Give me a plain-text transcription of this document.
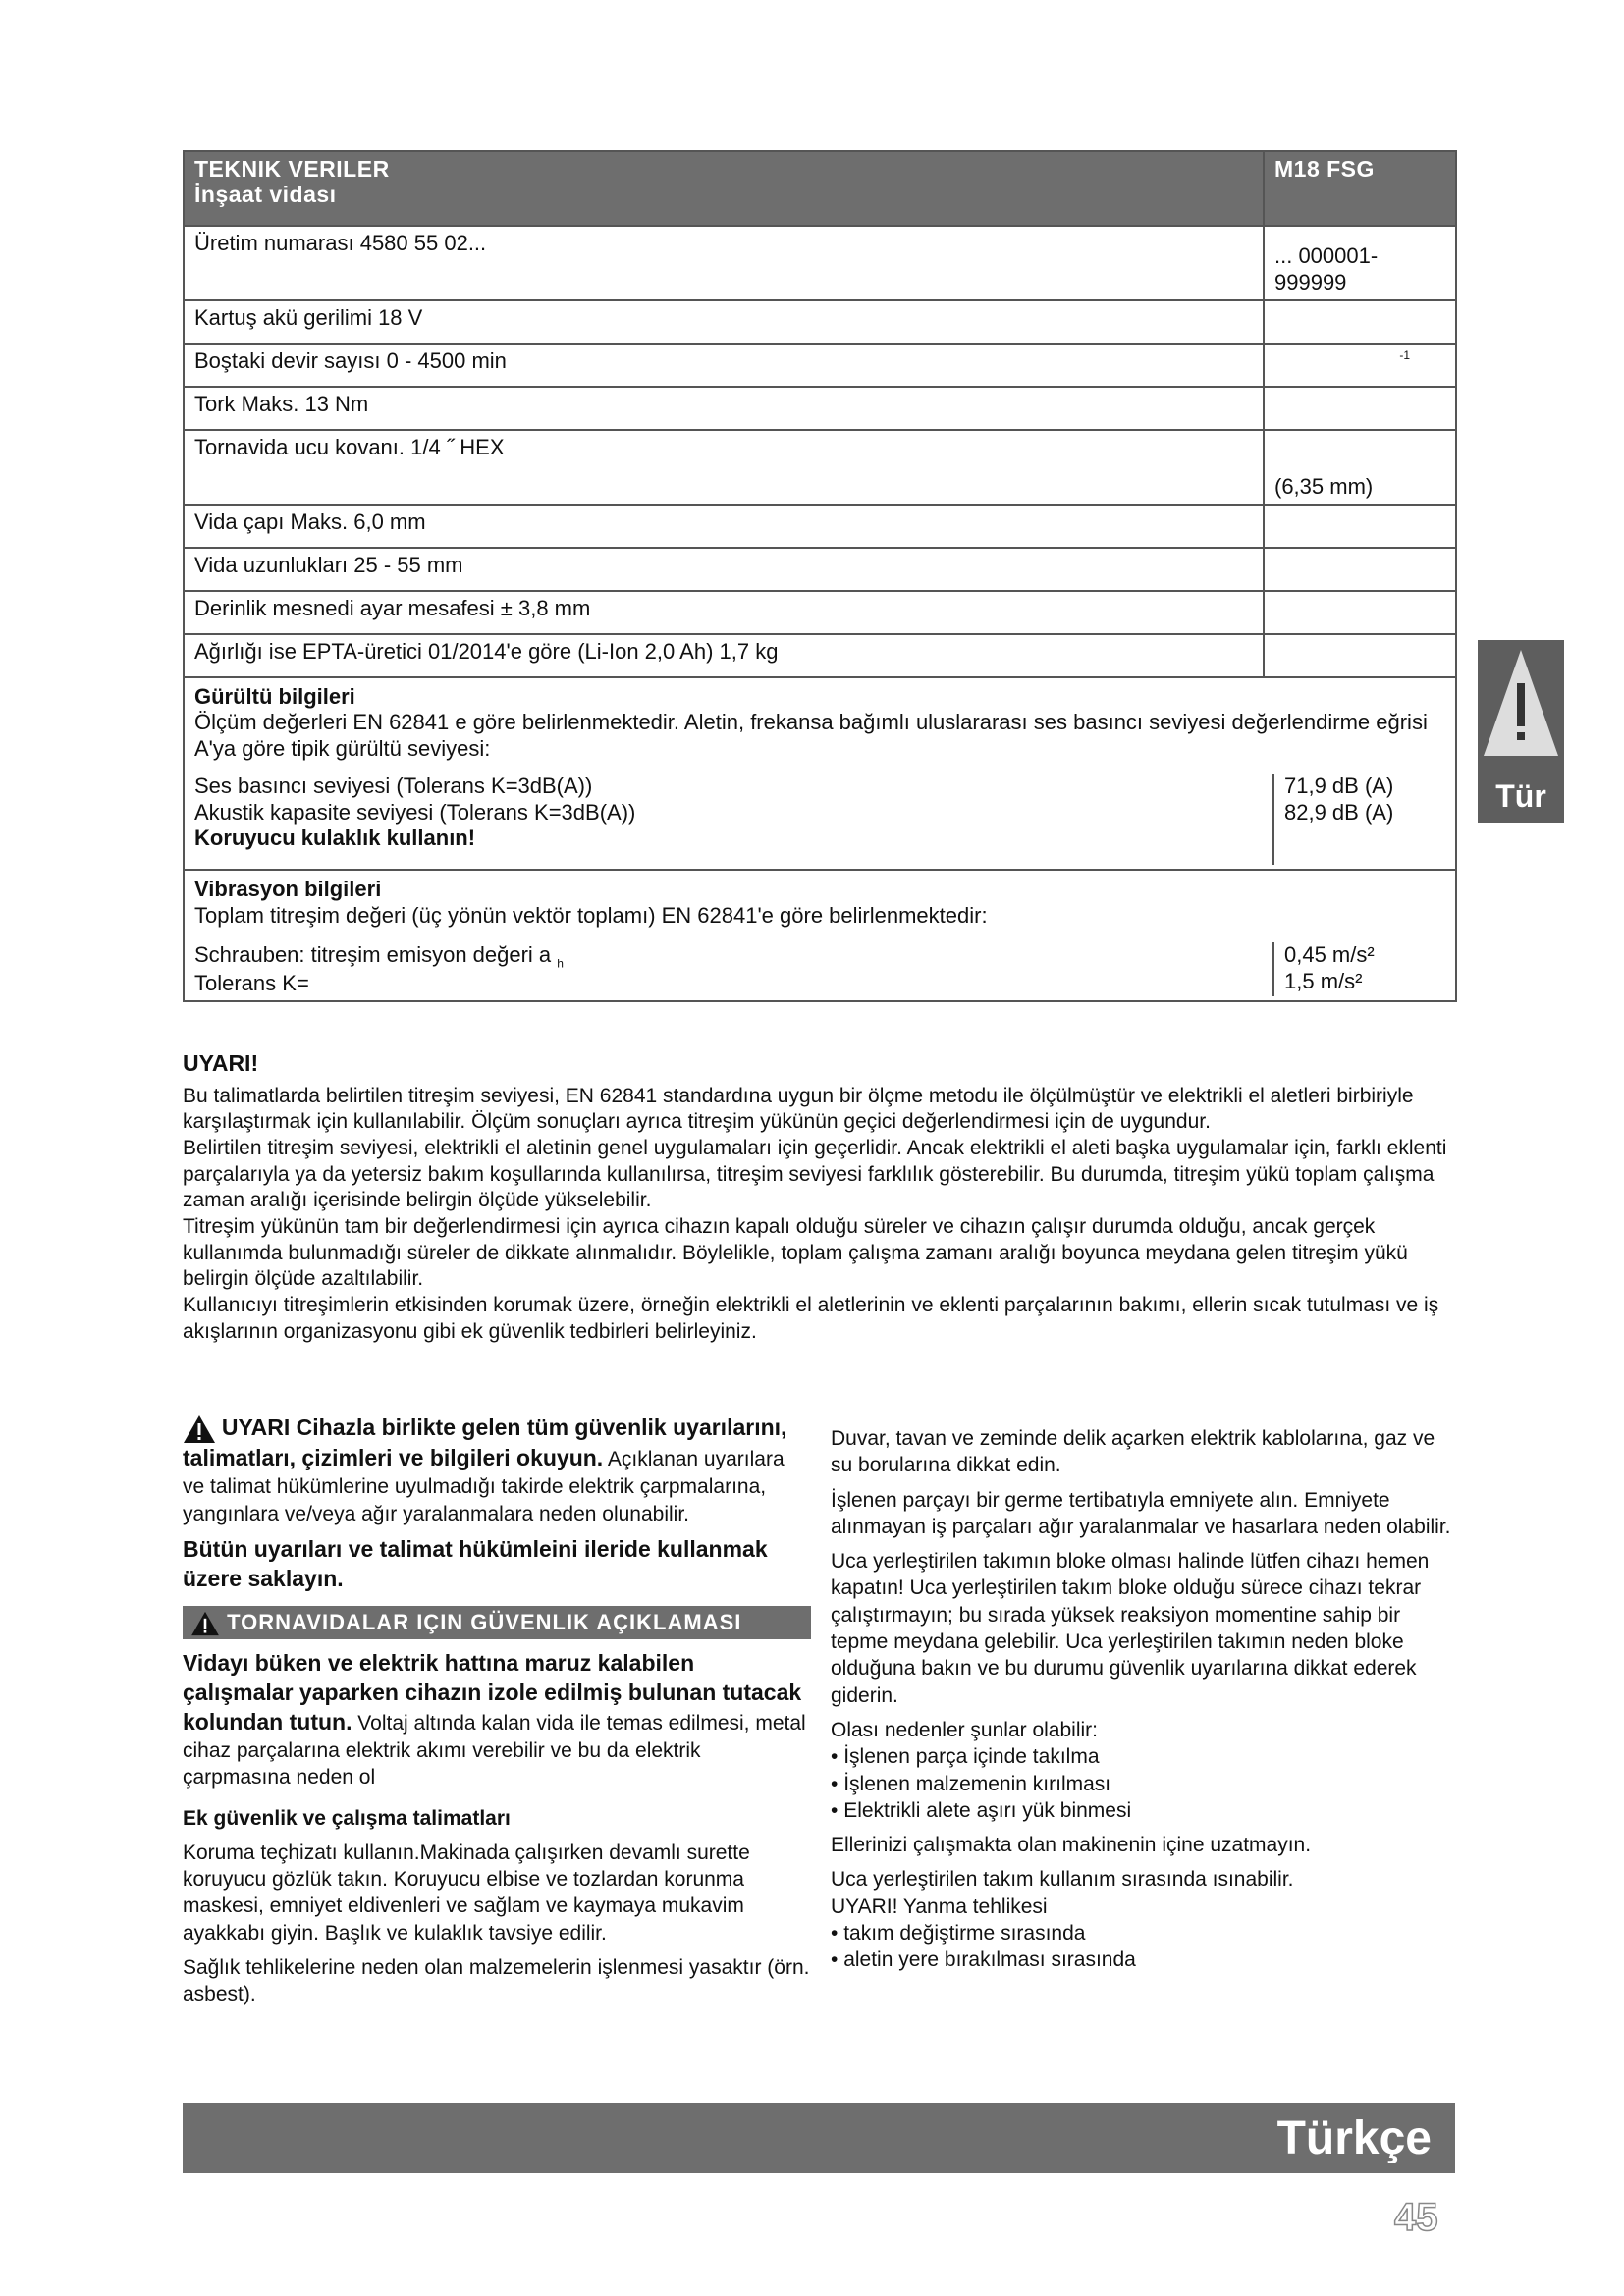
TEKNIK VERILER
İnşaat vidası
M18 FSG
Üretim numarası 4580 55 02...
... 000001-999999
Kartuş akü gerilimi 18 V
Boştaki devir sayısı 0 - 4500 min	-1
Tork Maks. 13 Nm
Tornavida ucu kovanı. 1/4 ˝ HEX
(6,35 mm)
Vida çapı Maks. 6,0 mm
Vida uzunlukları 25 - 55 mm
Derinlik mesnedi ayar mesafesi ± 3,8 mm
Ağırlığı ise EPTA-üretici 01/2014'e göre (Li-Ion 2,0 Ah) 1,7 kg
Gürültü bilgileri
Ölçüm değerleri EN 62841 e göre belirlenmektedir. Aletin, frekansa bağımlı uluslararası ses basıncı seviyesi değerlendirme eğrisi A'ya göre tipik gürültü seviyesi:
Ses basıncı seviyesi (Tolerans K=3dB(A))
Akustik kapasite seviyesi (Tolerans K=3dB(A))
Koruyucu kulaklık kullanın!
71,9 dB (A)
82,9 dB (A)
Vibrasyon bilgileri
Toplam titreşim değeri (üç yönün vektör toplamı) EN 62841'e göre belirlenmektedir:
Schrauben: titreşim emisyon değeri a $_h$
Tolerans K=
0,45 m/s²
1,5 m/s²
UYARI!
Bu talimatlarda belirtilen titreşim seviyesi, EN 62841 standardına uygun bir ölçme metodu ile ölçülmüştür ve elektrikli el aletleri birbiriyle karşılaştırmak için kullanılabilir. Ölçüm sonuçları ayrıca titreşim yükünün geçici değerlendirmesi için de uygundur.
Belirtilen titreşim seviyesi, elektrikli el aletinin genel uygulamaları için geçerlidir. Ancak elektrikli el aleti başka uygulamalar için, farklı eklenti parçalarıyla ya da yetersiz bakım koşullarında kullanılırsa, titreşim seviyesi farklılık gösterebilir. Bu durumda, titreşim yükü toplam çalışma zaman aralığı içerisinde belirgin ölçüde yükselebilir.
Titreşim yükünün tam bir değerlendirmesi için ayrıca cihazın kapalı olduğu süreler ve cihazın çalışır durumda olduğu, ancak gerçek kullanımda bulunmadığı süreler de dikkate alınmalıdır. Böylelikle, toplam çalışma zamanı aralığı boyunca meydana gelen titreşim yükü belirgin ölçüde azaltılabilir.
Kullanıcıyı titreşimlerin etkisinden korumak üzere, örneğin elektrikli el aletlerinin ve eklenti parçalarının bakımı, ellerin sıcak tutulması ve iş akışlarının organizasyonu gibi ek güvenlik tedbirleri belirleyiniz.

UYARI Cihazla birlikte gelen tüm güvenlik uyarılarını, talimatları, çizimleri ve bilgileri okuyun. Açıklanan uyarılara ve talimat hükümlerine uyulmadığı takirde elektrik çarpmalarına, yangınlara ve/veya ağır yaralanmalara neden olunabilir.

Bütün uyarıları ve talimat hükümleini ileride kullanmak üzere saklayın.

TORNAVIDALAR IÇIN GÜVENLIK AÇIKLAMASI

Vidayı büken ve elektrik hattına maruz kalabilen çalışmalar yaparken cihazın izole edilmiş bulunan tutacak kolundan tutun. Voltaj altında kalan vida ile temas edilmesi, metal cihaz parçalarına elektrik akımı verebilir ve bu da elektrik çarpmasına neden ol

Ek güvenlik ve çalışma talimatları

Koruma teçhizatı kullanın.Makinada çalışırken devamlı surette koruyucu gözlük takın. Koruyucu elbise ve tozlardan korunma maskesi, emniyet eldivenleri ve sağlam ve kaymaya mukavim ayakkabı giyin. Başlık ve kulaklık tavsiye edilir.

Sağlık tehlikelerine neden olan malzemelerin işlenmesi yasaktır (örn. asbest).

Duvar, tavan ve zeminde delik açarken elektrik kablolarına, gaz ve su borularına dikkat edin.

İşlenen parçayı bir germe tertibatıyla emniyete alın. Emniyete alınmayan iş parçaları ağır yaralanmalar ve hasarlara neden olabilir.

Uca yerleştirilen takımın bloke olması halinde lütfen cihazı hemen kapatın! Uca yerleştirilen takım bloke olduğu sürece cihazı tekrar çalıştırmayın; bu sırada yüksek reaksiyon momentine sahip bir tepme meydana gelebilir. Uca yerleştirilen takımın neden bloke olduğuna bakın ve bu durumu güvenlik uyarılarına dikkat ederek giderin.

Olası nedenler şunlar olabilir:
• İşlenen parça içinde takılma
• İşlenen malzemenin kırılması
• Elektrikli alete aşırı yük binmesi

Ellerinizi çalışmakta olan makinenin içine uzatmayın.

Uca yerleştirilen takım kullanım sırasında ısınabilir.
UYARI! Yanma tehlikesi
• takım değiştirme sırasında
• aletin yere bırakılması sırasında
Tür
Türkçe
45
